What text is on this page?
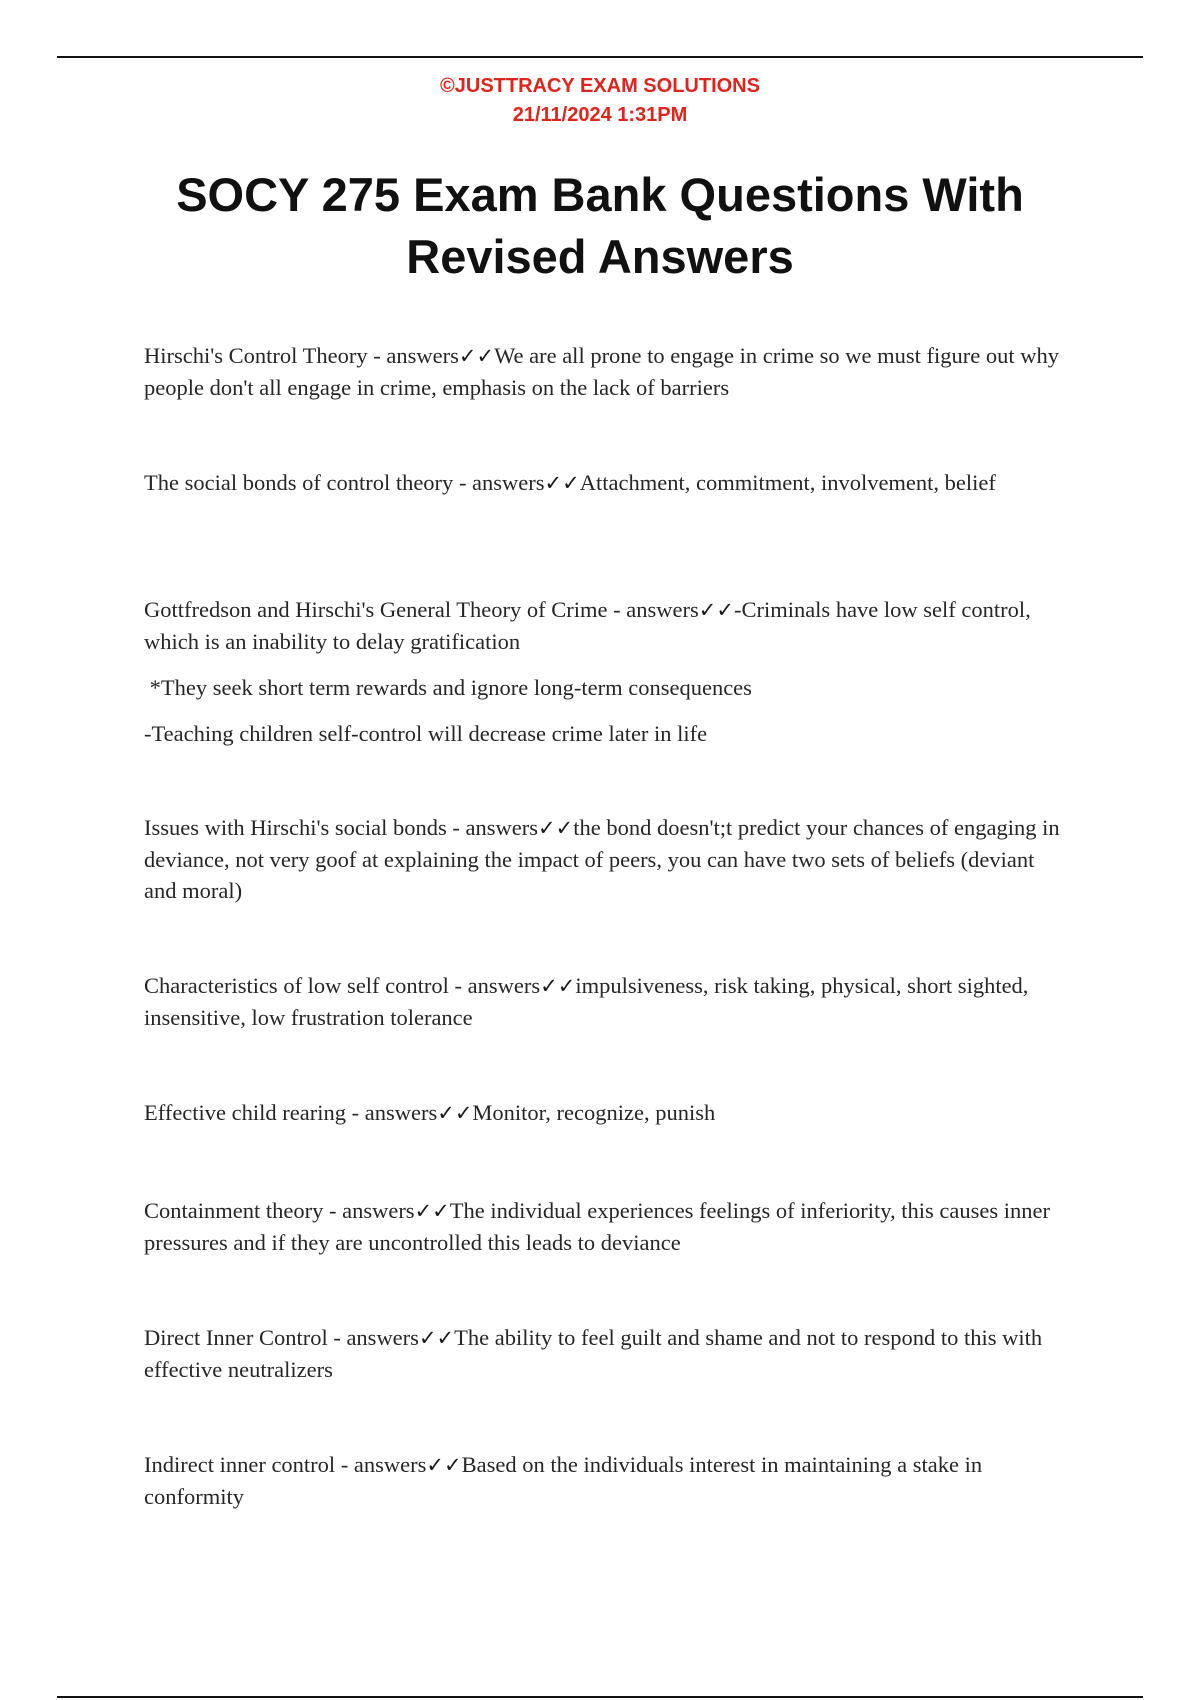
©JUSTTRACY EXAM SOLUTIONS
21/11/2024 1:31PM
SOCY 275 Exam Bank Questions With Revised Answers

Hirschi's Control Theory - answers✓✓We are all prone to engage in crime so we must figure out why people don't all engage in crime, emphasis on the lack of barriers

The social bonds of control theory - answers✓✓Attachment, commitment, involvement, belief

Gottfredson and Hirschi's General Theory of Crime - answers✓✓-Criminals have low self control, which is an inability to delay gratification

*They seek short term rewards and ignore long-term consequences

-Teaching children self-control will decrease crime later in life

Issues with Hirschi's social bonds - answers✓✓the bond doesn't;t predict your chances of engaging in deviance, not very goof at explaining the impact of peers, you can have two sets of beliefs (deviant and moral)

Characteristics of low self control - answers✓✓impulsiveness, risk taking, physical, short sighted, insensitive, low frustration tolerance

Effective child rearing - answers✓✓Monitor, recognize, punish

Containment theory - answers✓✓The individual experiences feelings of inferiority, this causes inner pressures and if they are uncontrolled this leads to deviance

Direct Inner Control - answers✓✓The ability to feel guilt and shame and not to respond to this with effective neutralizers

Indirect inner control - answers✓✓Based on the individuals interest in maintaining a stake in conformity
